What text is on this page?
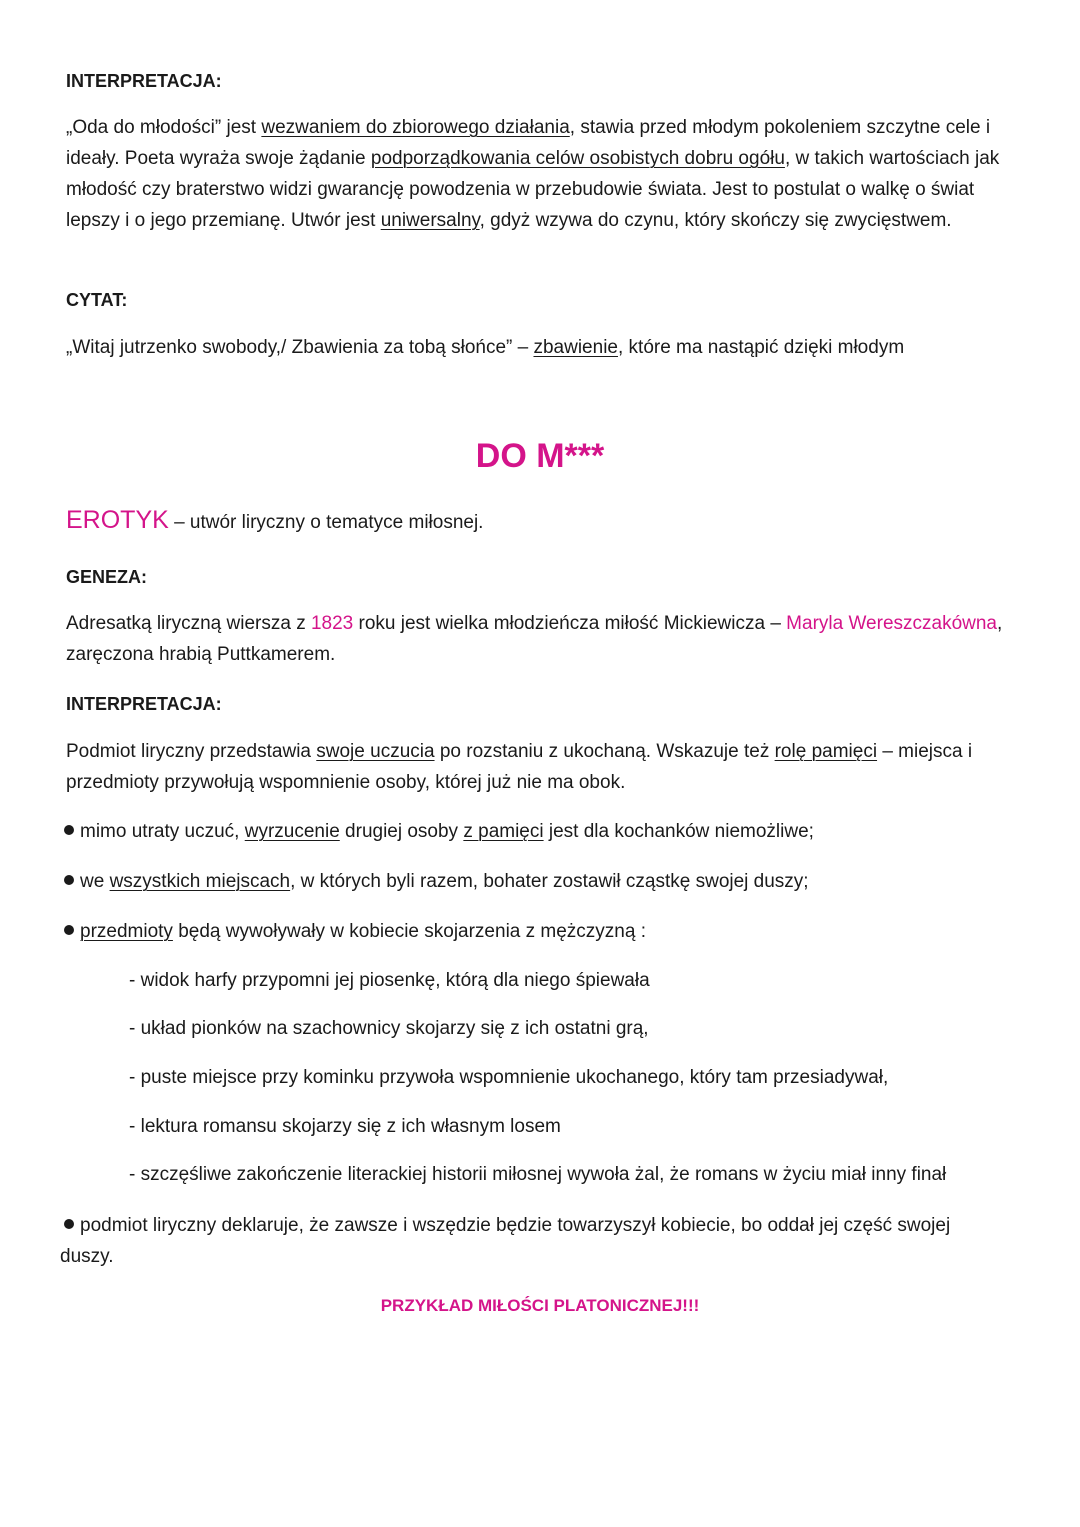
INTERPRETACJA:

„Oda do młodości” jest wezwaniem do zbiorowego działania, stawia przed młodym pokoleniem szczytne cele i ideały. Poeta wyraża swoje żądanie podporządkowania celów osobistych dobru ogółu, w takich wartościach jak młodość czy braterstwo widzi gwarancję powodzenia w przebudowie świata. Jest to postulat o walkę o świat lepszy i o jego przemianę. Utwór jest uniwersalny, gdyż wzywa do czynu, który skończy się zwycięstwem.

CYTAT:

„Witaj jutrzenko swobody,/ Zbawienia za tobą słońce” – zbawienie, które ma nastąpić dzięki młodym

DO M***

EROTYK – utwór liryczny o tematyce miłosnej.

GENEZA:

Adresatką liryczną wiersza z 1823 roku jest wielka młodzieńcza miłość Mickiewicza – Maryla Wereszczakówna, zaręczona hrabią Puttkamerem.

INTERPRETACJA:

Podmiot liryczny przedstawia swoje uczucia po rozstaniu z ukochaną. Wskazuje też rolę pamięci – miejsca i przedmioty przywołują wspomnienie osoby, której już nie ma obok.

mimo utraty uczuć, wyrzucenie drugiej osoby z pamięci jest dla kochanków niemożliwe;

we wszystkich miejscach, w których byli razem, bohater zostawił cząstkę swojej duszy;

przedmioty będą wywoływały w kobiecie skojarzenia z mężczyzną :

- widok harfy przypomni jej piosenkę, którą dla niego śpiewała

- układ pionków na szachownicy skojarzy się z ich ostatni grą,

- puste miejsce przy kominku przywoła wspomnienie ukochanego, który tam przesiadywał,

- lektura romansu skojarzy się z ich własnym losem

- szczęśliwe zakończenie literackiej historii miłosnej wywoła żal, że romans w życiu miał inny finał

podmiot liryczny deklaruje, że zawsze i wszędzie będzie towarzyszył kobiecie, bo oddał jej część swojej duszy.

PRZYKŁAD MIŁOŚCI PLATONICZNEJ!!!
